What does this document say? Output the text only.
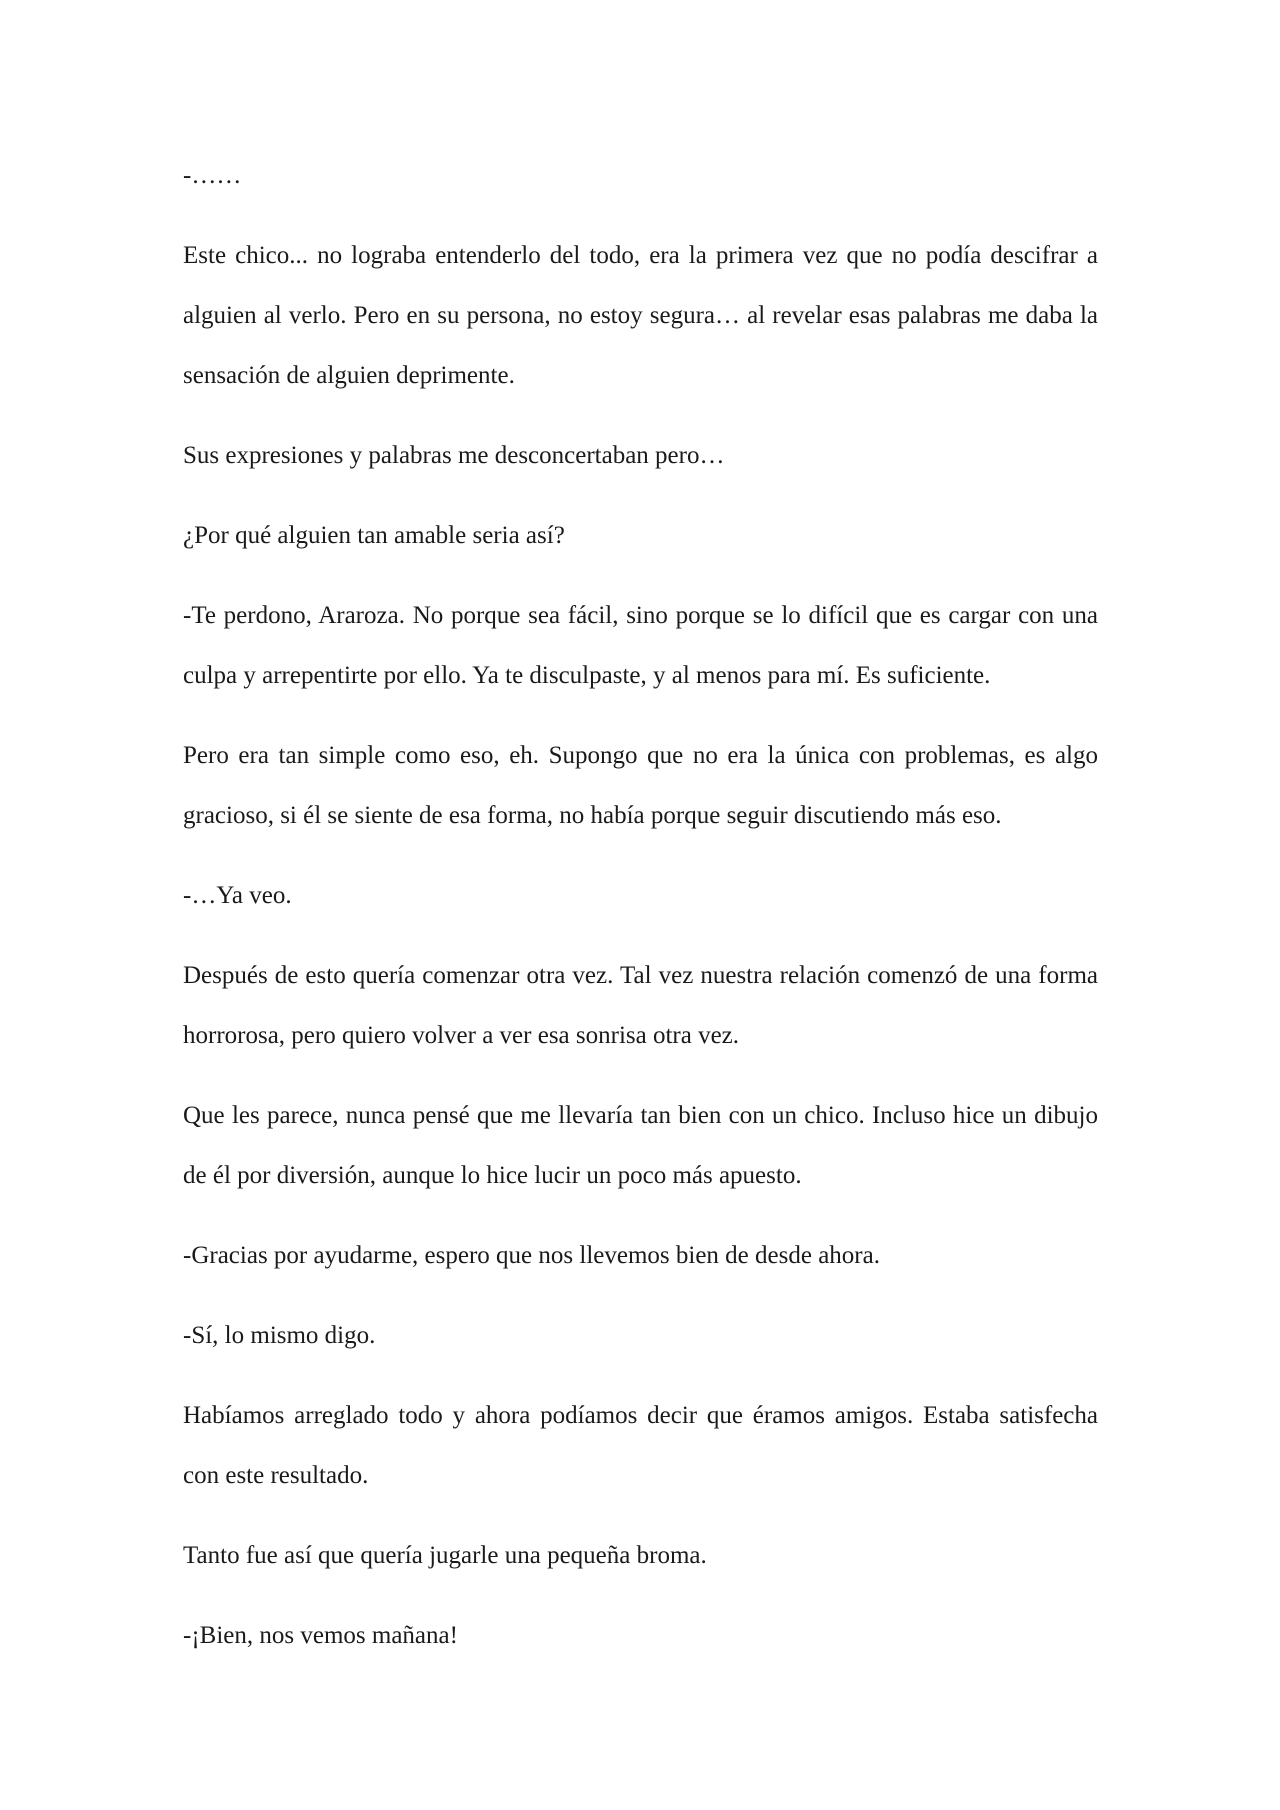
-……

Este chico... no lograba entenderlo del todo, era la primera vez que no podía descifrar a alguien al verlo. Pero en su persona, no estoy segura… al revelar esas palabras me daba la sensación de alguien deprimente.

Sus expresiones y palabras me desconcertaban pero…

¿Por qué alguien tan amable seria así?

-Te perdono, Araroza. No porque sea fácil, sino porque se lo difícil que es cargar con una culpa y arrepentirte por ello. Ya te disculpaste, y al menos para mí. Es suficiente.

Pero era tan simple como eso, eh. Supongo que no era la única con problemas, es algo gracioso, si él se siente de esa forma, no había porque seguir discutiendo más eso.

-…Ya veo.

Después de esto quería comenzar otra vez. Tal vez nuestra relación comenzó de una forma horrorosa, pero quiero volver a ver esa sonrisa otra vez.

Que les parece, nunca pensé que me llevaría tan bien con un chico. Incluso hice un dibujo de él por diversión, aunque lo hice lucir un poco más apuesto.

-Gracias por ayudarme, espero que nos llevemos bien de desde ahora.

-Sí, lo mismo digo.

Habíamos arreglado todo y ahora podíamos decir que éramos amigos. Estaba satisfecha con este resultado.

Tanto fue así que quería jugarle una pequeña broma.

-¡Bien, nos vemos mañana!
